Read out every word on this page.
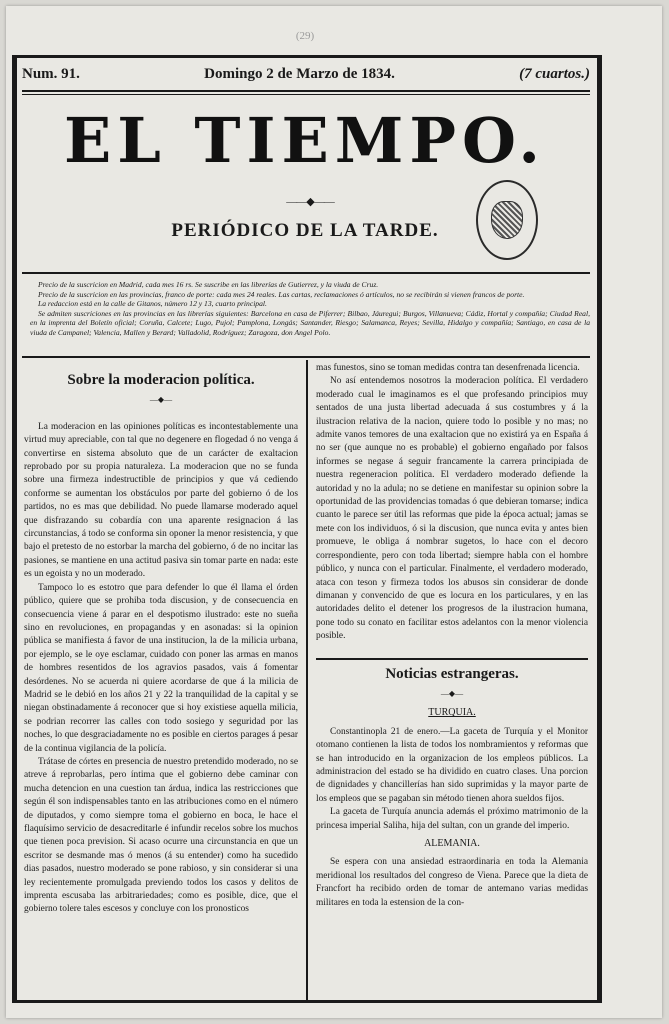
(29)
Num. 91.	Domingo 2 de Marzo de 1834.	(7 cuartos.)
EL TIEMPO.
——◆——
PERIÓDICO DE LA TARDE.

Precio de la suscricion en Madrid, cada mes 16 rs. Se suscribe en las librerías de Gutierrez, y la viuda de Cruz.

Precio de la suscricion en las provincias, franco de porte: cada mes 24 reales. Las cartas, reclamaciones ó artículos, no se recibirán si vienen francos de porte.

La redaccion está en la calle de Gitanos, número 12 y 13, cuarto principal.

Se admiten suscriciones en las provincias en las librerías siguientes: Barcelona en casa de Piferrer; Bilbao, Jáuregui; Burgos, Villanueva; Cádiz, Hortal y compañía; Ciudad Real, en la imprenta del Boletín oficial; Coruña, Calcete; Lugo, Pujol; Pamplona, Longás; Santander, Riesgo; Salamanca, Reyes; Sevilla, Hidalgo y compañía; Santiago, en casa de la viuda de Campanel; Valencia, Mallen y Berard; Valladolid, Rodríguez; Zaragoza, don Angel Polo.

Sobre la moderacion política.
—◆—

La moderacion en las opiniones políticas es incontestablemente una virtud muy apreciable, con tal que no degenere en flogedad ó no venga á convertirse en sistema absoluto que de un carácter de exaltacion reprobado por su propia naturaleza. La moderacion que no se funda sobre una firmeza indestructible de principios y que vá cediendo conforme se aumentan los obstáculos por parte del gobierno ó de los partidos, no es mas que debilidad. No puede llamarse moderado aquel que disfrazando su cobardía con una aparente resignacion á las circunstancias, á todo se conforma sin oponer la menor resistencia, y que bajo el pretesto de no estorbar la marcha del gobierno, ó de no incitar las pasiones, se mantiene en una actitud pasiva sin tomar parte en nada: este es un egoista y no un moderado.

Tampoco lo es estotro que para defender lo que él llama el órden público, quiere que se prohiba toda discusion, y de consecuencia en consecuencia viene á parar en el despotismo ilustrado: este no sueña sino en revoluciones, en propagandas y en asonadas: si la opinion pública se manifiesta á favor de una institucion, la de la milicia urbana, por ejemplo, se le oye esclamar, cuidado con poner las armas en manos de hombres resentidos de los agravios pasados, vais á fomentar desórdenes. No se acuerda ni quiere acordarse de que á la milicia de Madrid se le debió en los años 21 y 22 la tranquilidad de la capital y se niegan obstinadamente á reconocer que si hoy existiese aquella milicia, se podrian recorrer las calles con todo sosiego y seguridad por las noches, lo que desgraciadamente no es posible en ciertos parages á pesar de la continua vigilancia de la policía.

Trátase de córtes en presencia de nuestro pretendido moderado, no se atreve á reprobarlas, pero íntima que el gobierno debe caminar con mucha detencion en una cuestion tan árdua, indica las restricciones que según él son indispensables tanto en las atribuciones como en el número de diputados, y como siempre toma el gobierno en boca, le hace el flaquísimo servicio de desacreditarle é infundir recelos sobre los muchos que tienen poca prevision. Si acaso ocurre una circunstancia en que un escritor se desmande mas ó menos (á su entender) como ha sucedido dias pasados, nuestro moderado se pone rabioso, y sin considerar si una ley recientemente promulgada previendo todos los casos y delitos de imprenta escusaba las arbitrariedades; como es posible, dice, que el gobierno tolere tales escesos y concluye con los pronosticos

mas funestos, sino se toman medidas contra tan desenfrenada licencia.

No así entendemos nosotros la moderacion política. El verdadero moderado cual le imaginamos es el que profesando principios muy sentados de una justa libertad adecuada á sus costumbres y á la ilustracion relativa de la nacion, quiere todo lo posible y no mas; no admite vanos temores de una exaltacion que no existirá ya en España á no ser (que aunque no es probable) el gobierno engañado por falsos informes se negase á seguir francamente la carrera principiada de nuestra regeneracion política. El verdadero moderado defiende la autoridad y no la adula; no se detiene en manifestar su opinion sobre la oportunidad de las providencias tomadas ó que debieran tomarse; indica cuanto le parece ser útil las reformas que pide la época actual; jamas se mete con los individuos, ó si la discusion, que nunca evita y antes bien promueve, le obliga á nombrar sugetos, lo hace con el decoro correspondiente, pero con toda libertad; siempre habla con el hombre público, y nunca con el particular. Finalmente, el verdadero moderado, ataca con teson y firmeza todos los abusos sin considerar de donde dimanan y convencido de que es locura en los particulares, y en las autoridades delito el detener los progresos de la ilustracion humana, pone todo su conato en facilitar estos adelantos con la menor violencia posible.

Noticias estrangeras.
—◆—
TURQUIA.

Constantinopla 21 de enero.—La gaceta de Turquía y el Monitor otomano contienen la lista de todos los nombramientos y reformas que se han introducido en la organizacion de los empleos públicos. La administracion del estado se ha dividido en cuatro clases. Una porcion de dignidades y chancillerías han sido suprimidas y la mayor parte de los empleos que se pagaban sin método tienen ahora sueldos fijos.

La gaceta de Turquía anuncia además el próximo matrimonio de la princesa imperial Saliha, hija del sultan, con un grande del imperio.

ALEMANIA.

Se espera con una ansiedad estraordinaria en toda la Alemania meridional los resultados del congreso de Viena. Parece que la dieta de Francfort ha recibido orden de tomar de antemano varias medidas militares en toda la estension de la con-
